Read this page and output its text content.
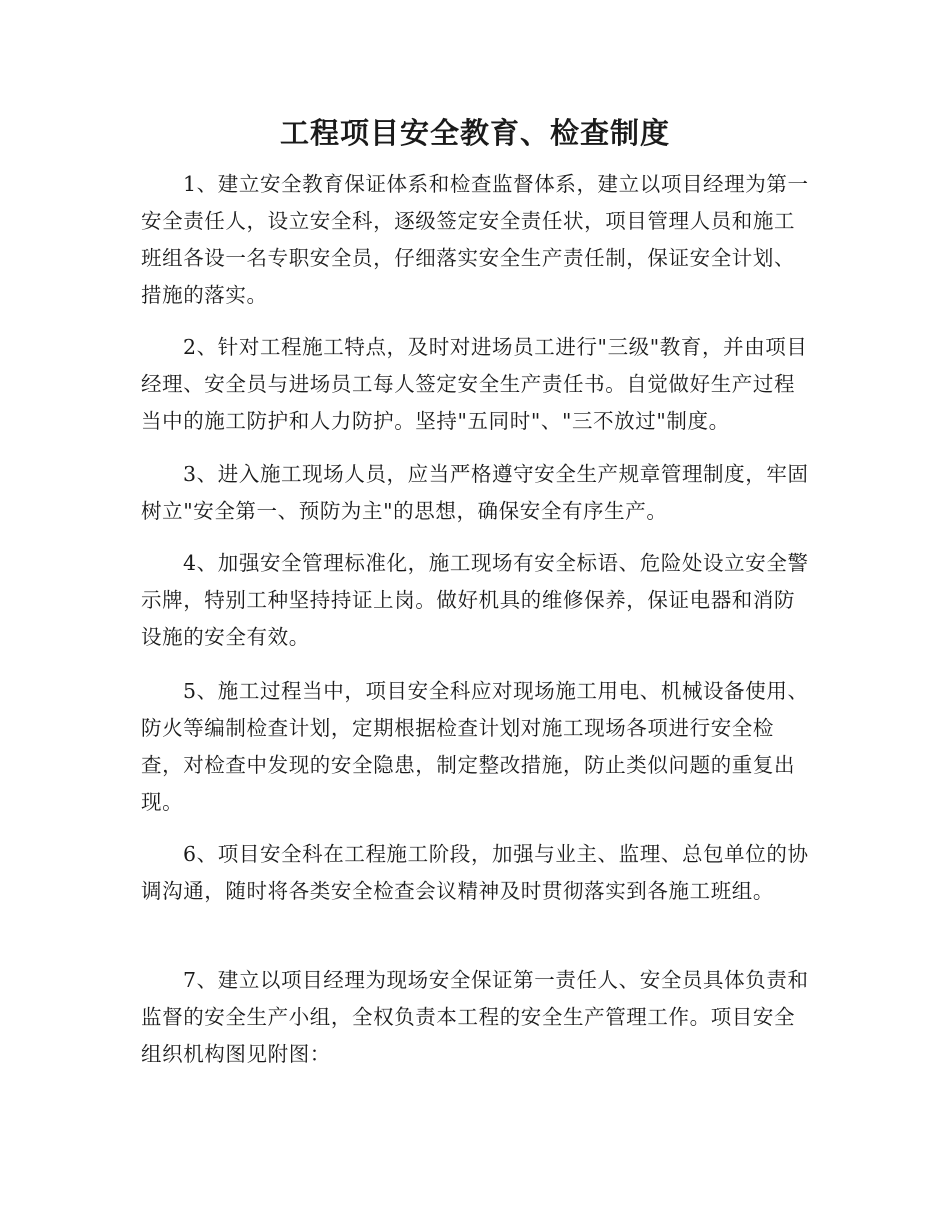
工程项目安全教育、检查制度

1、建立安全教育保证体系和检查监督体系，建立以项目经理为第一安全责任人，设立安全科，逐级签定安全责任状，项目管理人员和施工班组各设一名专职安全员，仔细落实安全生产责任制，保证安全计划、措施的落实。

2、针对工程施工特点，及时对进场员工进行"三级"教育，并由项目经理、安全员与进场员工每人签定安全生产责任书。自觉做好生产过程当中的施工防护和人力防护。坚持"五同时"、"三不放过"制度。

3、进入施工现场人员，应当严格遵守安全生产规章管理制度，牢固树立"安全第一、预防为主"的思想，确保安全有序生产。

4、加强安全管理标准化，施工现场有安全标语、危险处设立安全警示牌，特别工种坚持持证上岗。做好机具的维修保养，保证电器和消防设施的安全有效。

5、施工过程当中，项目安全科应对现场施工用电、机械设备使用、防火等编制检查计划，定期根据检查计划对施工现场各项进行安全检查，对检查中发现的安全隐患，制定整改措施，防止类似问题的重复出现。

6、项目安全科在工程施工阶段，加强与业主、监理、总包单位的协调沟通，随时将各类安全检查会议精神及时贯彻落实到各施工班组。

7、建立以项目经理为现场安全保证第一责任人、安全员具体负责和监督的安全生产小组，全权负责本工程的安全生产管理工作。项目安全组织机构图见附图：
